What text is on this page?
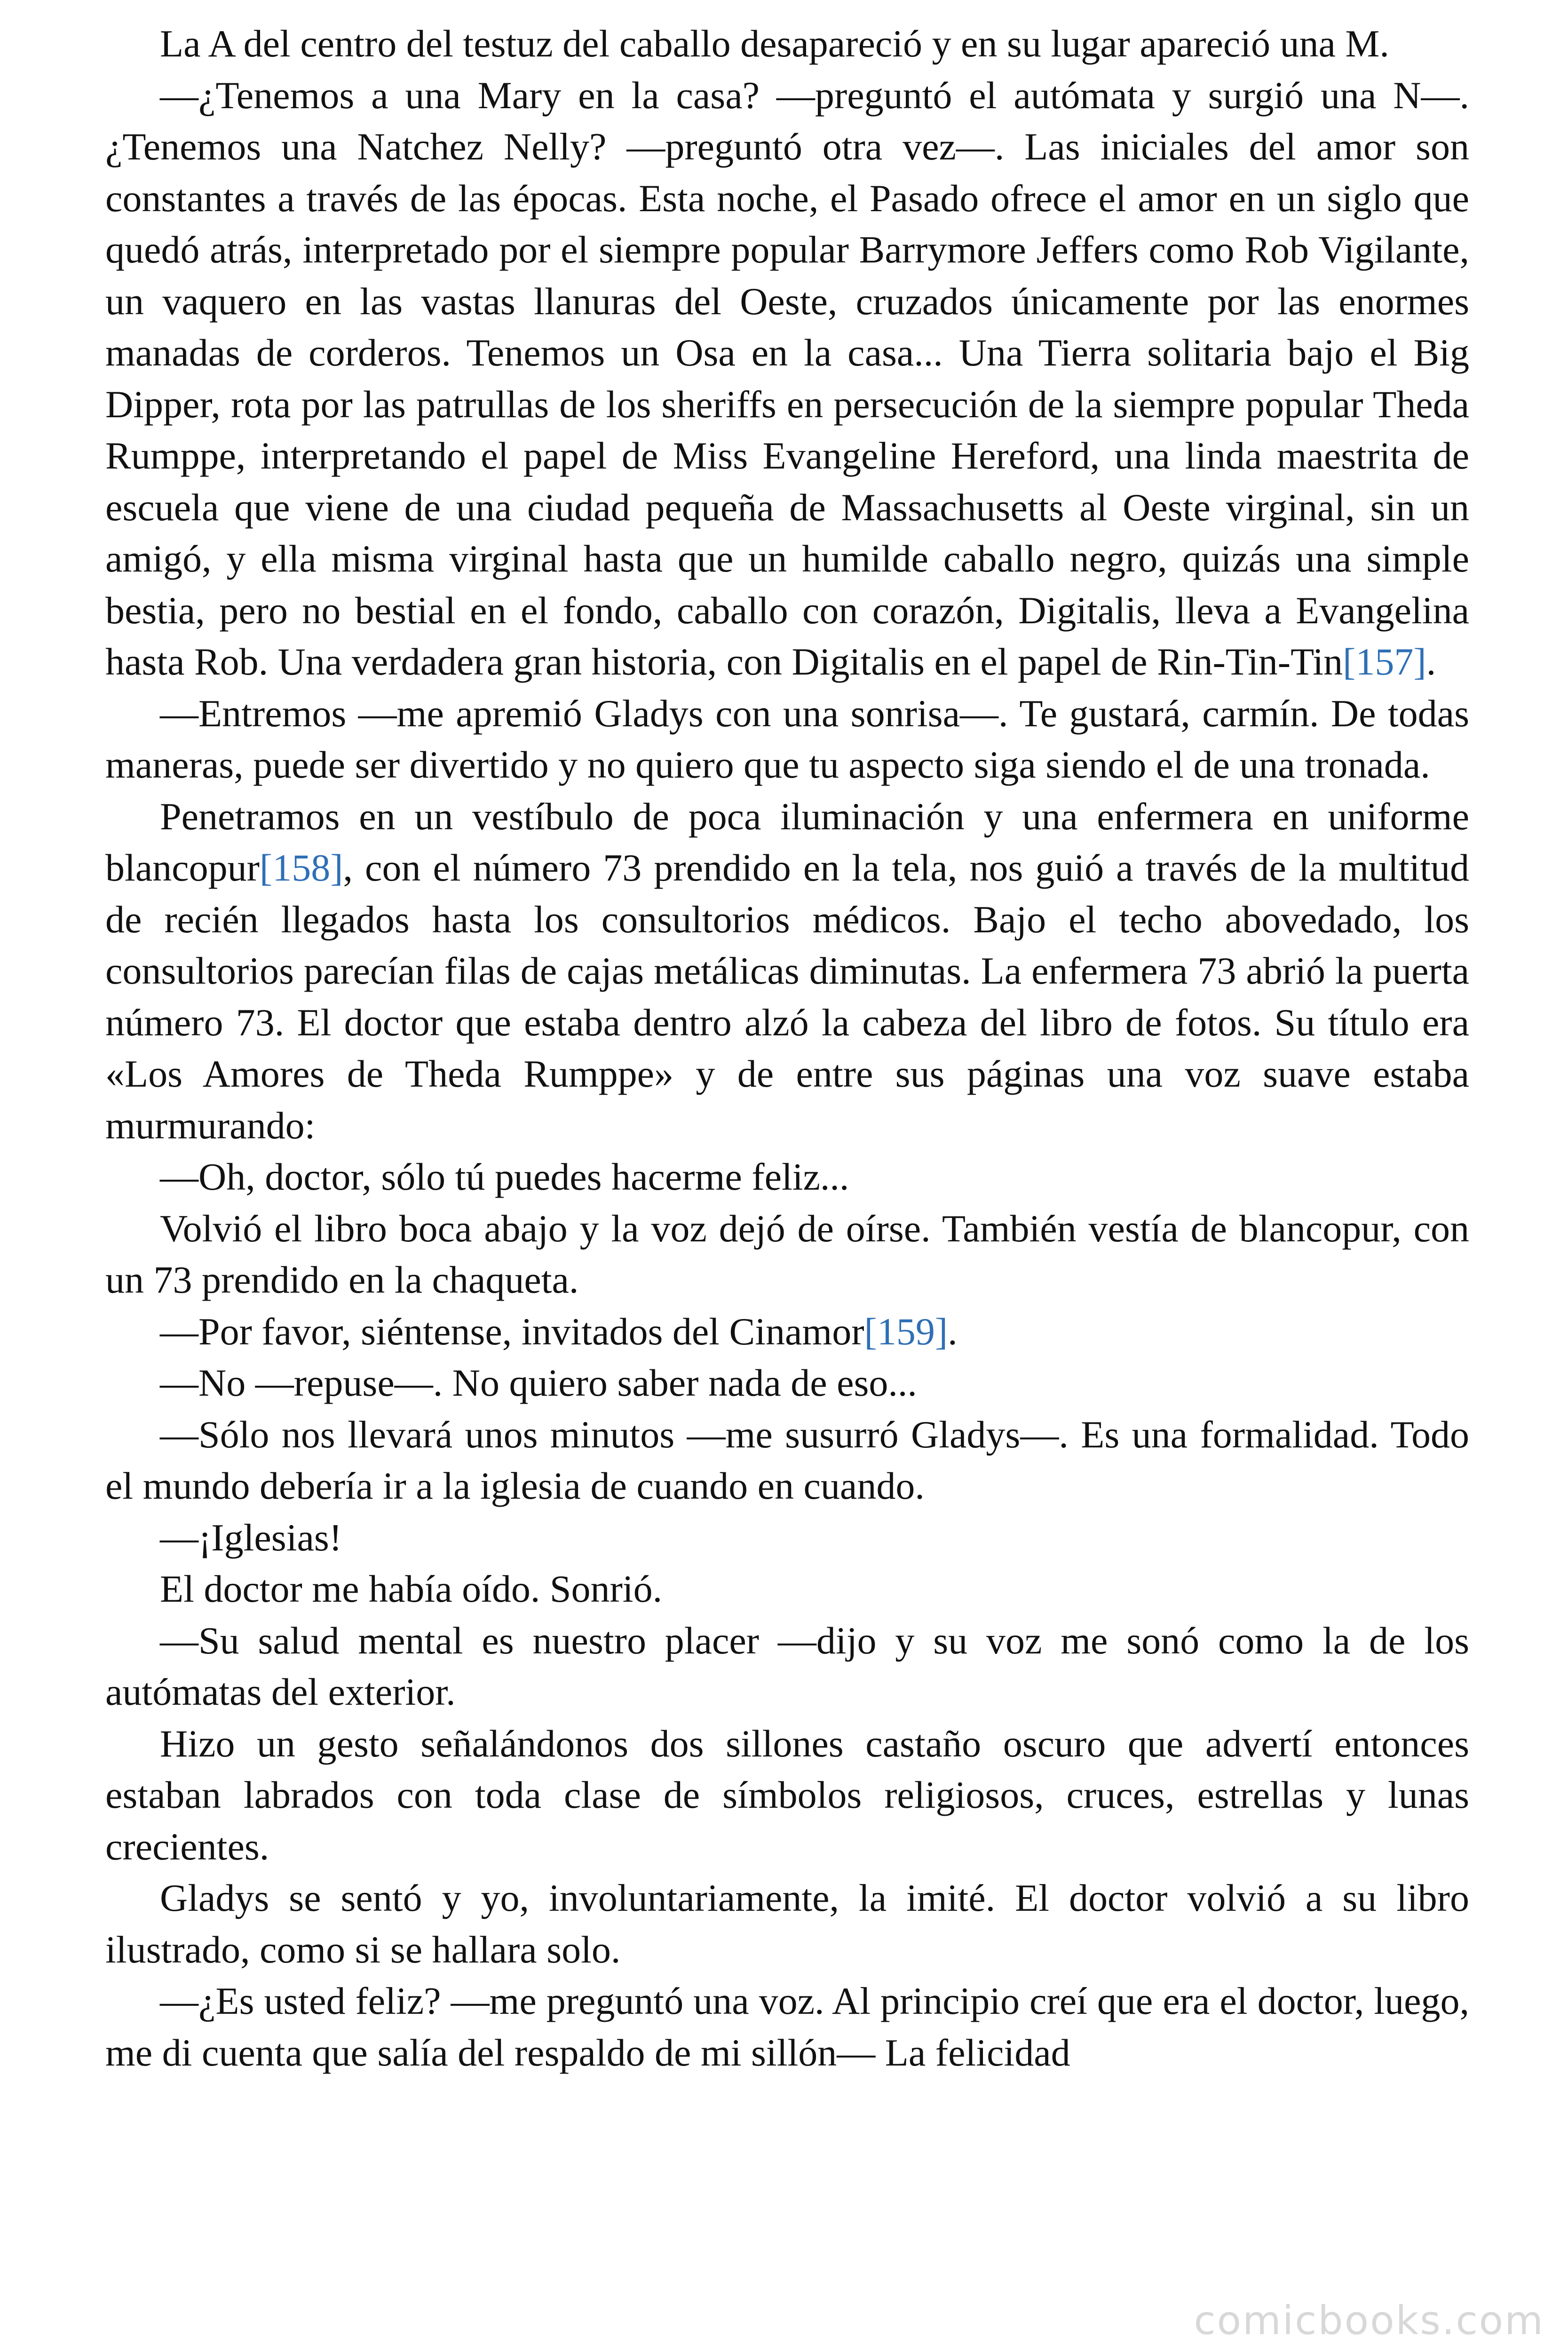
La A del centro del testuz del caballo desapareció y en su lugar apareció una M.

—¿Tenemos a una Mary en la casa? —preguntó el autómata y surgió una N—. ¿Tenemos una Natchez Nelly? —preguntó otra vez—. Las iniciales del amor son constantes a través de las épocas. Esta noche, el Pasado ofrece el amor en un siglo que quedó atrás, interpretado por el siempre popular Barrymore Jeffers como Rob Vigilante, un vaquero en las vastas llanuras del Oeste, cruzados únicamente por las enormes manadas de corderos. Tenemos un Osa en la casa... Una Tierra solitaria bajo el Big Dipper, rota por las patrullas de los sheriffs en persecución de la siempre popular Theda Rumppe, interpretando el papel de Miss Evangeline Hereford, una linda maestrita de escuela que viene de una ciudad pequeña de Massachusetts al Oeste virginal, sin un amigó, y ella misma virginal hasta que un humilde caballo negro, quizás una simple bestia, pero no bestial en el fondo, caballo con corazón, Digitalis, lleva a Evangelina hasta Rob. Una verdadera gran historia, con Digitalis en el papel de Rin-Tin-Tin[157].

—Entremos —me apremió Gladys con una sonrisa—. Te gustará, carmín. De todas maneras, puede ser divertido y no quiero que tu aspecto siga siendo el de una tronada.

Penetramos en un vestíbulo de poca iluminación y una enfermera en uniforme blancopur[158], con el número 73 prendido en la tela, nos guió a través de la multitud de recién llegados hasta los consultorios médicos. Bajo el techo abovedado, los consultorios parecían filas de cajas metálicas diminutas. La enfermera 73 abrió la puerta número 73. El doctor que estaba dentro alzó la cabeza del libro de fotos. Su título era «Los Amores de Theda Rumppe» y de entre sus páginas una voz suave estaba murmurando:

—Oh, doctor, sólo tú puedes hacerme feliz...

Volvió el libro boca abajo y la voz dejó de oírse. También vestía de blancopur, con un 73 prendido en la chaqueta.

—Por favor, siéntense, invitados del Cinamor[159].

—No —repuse—. No quiero saber nada de eso...

—Sólo nos llevará unos minutos —me susurró Gladys—. Es una formalidad. Todo el mundo debería ir a la iglesia de cuando en cuando.

—¡Iglesias!

El doctor me había oído. Sonrió.

—Su salud mental es nuestro placer —dijo y su voz me sonó como la de los autómatas del exterior.

Hizo un gesto señalándonos dos sillones castaño oscuro que advertí entonces estaban labrados con toda clase de símbolos religiosos, cruces, estrellas y lunas crecientes.

Gladys se sentó y yo, involuntariamente, la imité. El doctor volvió a su libro ilustrado, como si se hallara solo.

—¿Es usted feliz? —me preguntó una voz. Al principio creí que era el doctor, luego, me di cuenta que salía del respaldo de mi sillón— La felicidad

comicbooks.com
